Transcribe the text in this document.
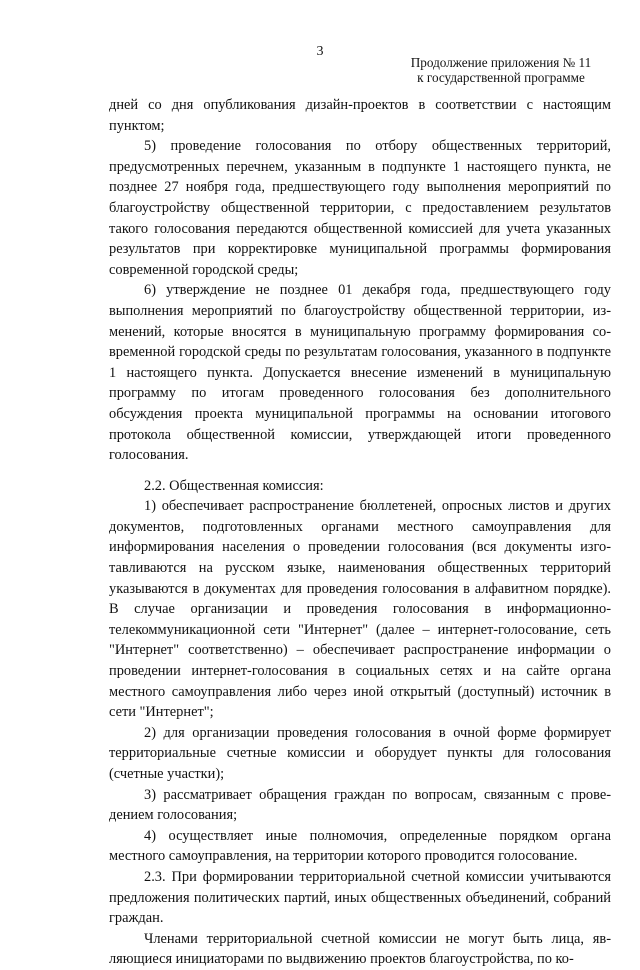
3
Продолжение приложения № 11
к государственной программе

дней со дня опубликования дизайн-проектов в соответствии с настоящим пунктом;

5) проведение голосования по отбору общественных территорий, предусмотренных перечнем, указанным в подпункте 1 настоящего пункта, не позднее 27 ноября года, предшествующего году выполнения мероприятий по благоустройству общественной территории, с предоставлением результатов такого голосования передаются общественной комиссией для учета указанных результатов при корректировке муниципальной программы формирования современной городской среды;

6) утверждение не позднее 01 декабря года, предшествующего году выполнения мероприятий по благоустройству общественной территории, изменений, которые вносятся в муниципальную программу формирования современной городской среды по результатам голосования, указанного в подпункте 1 настоящего пункта. Допускается внесение изменений в муниципальную программу по итогам проведенного голосования без дополнительного обсуждения проекта муниципальной программы на основании итогового протокола общественной комиссии, утверждающей итоги проведенного голосования.

2.2. Общественная комиссия:

1) обеспечивает распространение бюллетеней, опросных листов и других документов, подготовленных органами местного самоуправления для информирования населения о проведении голосования (вся документы изготавливаются на русском языке, наименования общественных территорий указываются в документах для проведения голосования в алфавитном порядке). В случае организации и проведения голосования в информационно-телекоммуникационной сети "Интернет" (далее – интернет-голосование, сеть "Интернет" соответственно) – обеспечивает распространение информации о проведении интернет-голосования в социальных сетях и на сайте органа местного самоуправления либо через иной открытый (доступный) источник в сети "Интернет";

2) для организации проведения голосования в очной форме формирует территориальные счетные комиссии и оборудует пункты для голосования (счетные участки);

3) рассматривает обращения граждан по вопросам, связанным с проведением голосования;

4) осуществляет иные полномочия, определенные порядком органа местного самоуправления, на территории которого проводится голосование.

2.3. При формировании территориальной счетной комиссии учитываются предложения политических партий, иных общественных объединений, собраний граждан.

Членами территориальной счетной комиссии не могут быть лица, являющиеся инициаторами по выдвижению проектов благоустройства, по ко-
